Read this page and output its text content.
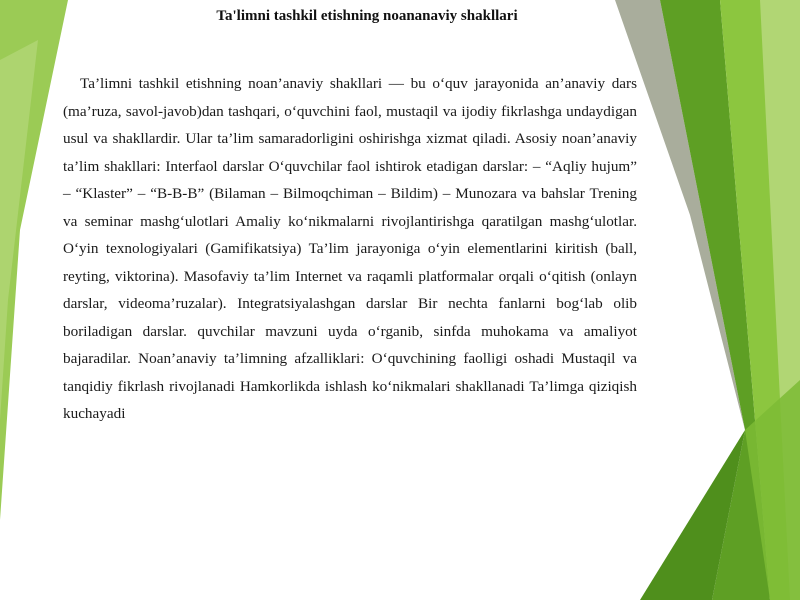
Ta'limni tashkil etishning noananaviy shakllari

Ta’limni tashkil etishning noan’anaviy shakllari — bu o‘quv jarayonida an’anaviy dars (ma’ruza, savol-javob)dan tashqari, o‘quvchini faol, mustaqil va ijodiy fikrlashga undaydigan usul va shakllardir. Ular ta’lim samaradorligini oshirishga xizmat qiladi. Asosiy noan’anaviy ta’lim shakllari: Interfaol darslar O‘quvchilar faol ishtirok etadigan darslar: – “Aqliy hujum” – “Klaster” – “B-B-B” (Bilaman – Bilmoqchiman – Bildim) – Munozara va bahslar Trening va seminar mashg‘ulotlari Amaliy ko‘nikmalarni rivojlantirishga qaratilgan mashg‘ulotlar. O‘yin texnologiyalari (Gamifikatsiya) Ta’lim jarayoniga o‘yin elementlarini kiritish (ball, reyting, viktorina). Masofaviy ta’lim Internet va raqamli platformalar orqali o‘qitish (onlayn darslar, videoma’ruzalar). Integratsiyalashgan darslar Bir nechta fanlarni bog‘lab olib boriladigan darslar. quvchilar mavzuni uyda o‘rganib, sinfda muhokama va amaliyot bajaradilar. Noan’anaviy ta’limning afzalliklari: O‘quvchining faolligi oshadi Mustaqil va tanqidiy fikrlash rivojlanadi Hamkorlikda ishlash ko‘nikmalari shakllanadi Ta’limga qiziqish kuchayadi
